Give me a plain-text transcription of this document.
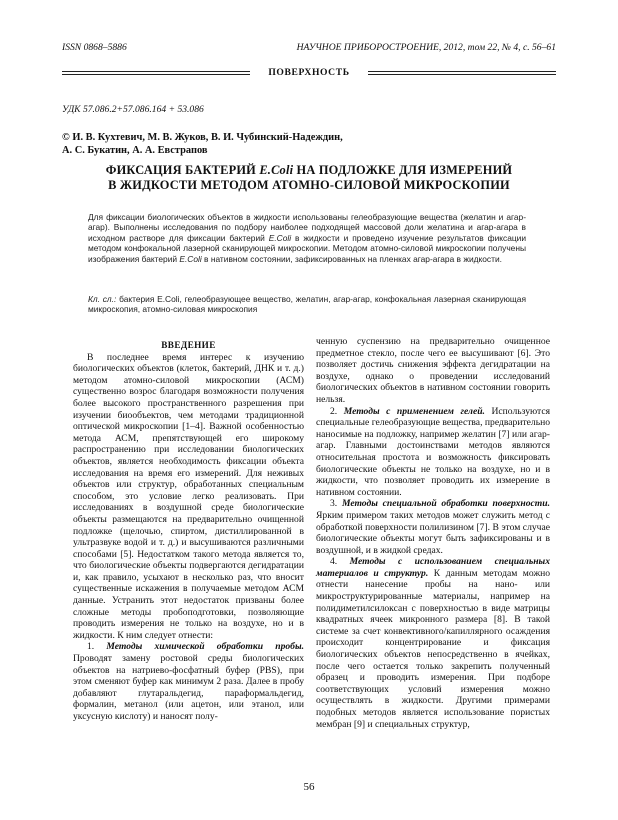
ISSN 0868–5886	НАУЧНОЕ ПРИБОРОСТРОЕНИЕ, 2012, том 22, № 4, с. 56–61
ПОВЕРХНОСТЬ
УДК 57.086.2+57.086.164 + 53.086
© И. В. Кухтевич, М. В. Жуков, В. И. Чубинский-Надеждин,
А. С. Букатин, А. А. Евстрапов
ФИКСАЦИЯ БАКТЕРИЙ E.Coli НА ПОДЛОЖКЕ ДЛЯ ИЗМЕРЕНИЙ
В ЖИДКОСТИ МЕТОДОМ АТОМНО-СИЛОВОЙ МИКРОСКОПИИ
Для фиксации биологических объектов в жидкости использованы гелеобразующие вещества (желатин и агар-агар). Выполнены исследования по подбору наиболее подходящей массовой доли желатина и агар-агара в исходном растворе для фиксации бактерий E.Coli в жидкости и проведено изучение результатов фиксации методом конфокальной лазерной сканирующей микроскопии. Методом атомно-силовой микроскопии получены изображения бактерий E.Coli в нативном состоянии, зафиксированных на пленках агар-агара в жидкости.
Кл. сл.: бактерия E.Coli, гелеобразующее вещество, желатин, агар-агар, конфокальная лазерная сканирующая микроскопия, атомно-силовая микроскопия

ВВЕДЕНИЕ

В последнее время интерес к изучению биологических объектов (клеток, бактерий, ДНК и т. д.) методом атомно-силовой микроскопии (АСМ) существенно возрос благодаря возможности получения более высокого пространственного разрешения при изучении биообъектов, чем методами традиционной оптической микроскопии [1–4]. Важной особенностью метода АСМ, препятствующей его широкому распространению при исследовании биологических объектов, является необходимость фиксации объекта исследования на время его измерений. Для неживых объектов или структур, обработанных специальным способом, это условие легко реализовать. При исследованиях в воздушной среде биологические объекты размещаются на предварительно очищенной подложке (щелочью, спиртом, дистиллированной в ультразвуке водой и т. д.) и высушиваются различными способами [5]. Недостатком такого метода является то, что биологические объекты подвергаются дегидратации и, как правило, усыхают в несколько раз, что вносит существенные искажения в получаемые методом АСМ данные. Устранить этот недостаток призваны более сложные методы пробоподготовки, позволяющие проводить измерения не только на воздухе, но и в жидкости. К ним следует отнести:

1. Методы химической обработки пробы. Проводят замену ростовой среды биологических объектов на натриево-фосфатный буфер (PBS), при этом сменяют буфер как минимум 2 раза. Далее в пробу добавляют глутаральдегид, парaформальдегид, формалин, метанол (или ацетон, или этанол, или уксусную кислоту) и наносят полу-

ченную суспензию на предварительно очищенное предметное стекло, после чего ее высушивают [6]. Это позволяет достичь снижения эффекта дегидратации на воздухе, однако о проведении исследований биологических объектов в нативном состоянии говорить нельзя.

2. Методы с применением гелей. Используются специальные гелеобразующие вещества, предварительно наносимые на подложку, например желатин [7] или агар-агар. Главными достоинствами методов являются относительная простота и возможность фиксировать биологические объекты не только на воздухе, но и в жидкости, что позволяет проводить их измерение в нативном состоянии.

3. Методы специальной обработки поверхности. Ярким примером таких методов может служить метод с обработкой поверхности полилизином [7]. В этом случае биологические объекты могут быть зафиксированы и в воздушной, и в жидкой средах.

4. Методы с использованием специальных материалов и структур. К данным методам можно отнести нанесение пробы на нано- или микроструктурированные материалы, например на полидиметилсилоксан с поверхностью в виде матрицы квадратных ячеек микронного размера [8]. В такой системе за счет конвективного/капиллярного осаждения происходит концентрирование и фиксация биологических объектов непосредственно в ячейках, после чего остается только закрепить полученный образец и проводить измерения. При подборе соответствующих условий измерения можно осуществлять в жидкости. Другими примерами подобных методов является использование пористых мембран [9] и специальных структур,

56
